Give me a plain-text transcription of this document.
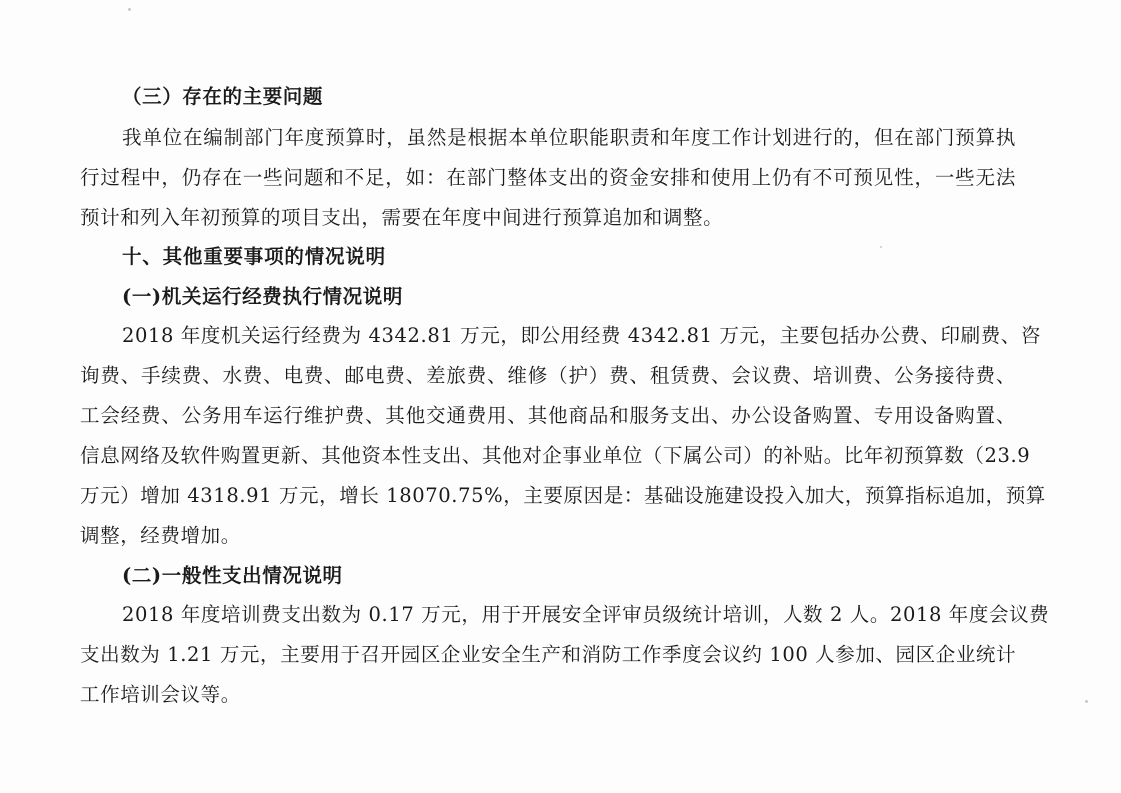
（三）存在的主要问题
我单位在编制部门年度预算时，虽然是根据本单位职能职责和年度工作计划进行的，但在部门预算执
行过程中，仍存在一些问题和不足，如：在部门整体支出的资金安排和使用上仍有不可预见性，一些无法
预计和列入年初预算的项目支出，需要在年度中间进行预算追加和调整。
十、其他重要事项的情况说明
(一)机关运行经费执行情况说明
2018 年度机关运行经费为 4342.81 万元，即公用经费 4342.81 万元，主要包括办公费、印刷费、咨
询费、手续费、水费、电费、邮电费、差旅费、维修（护）费、租赁费、会议费、培训费、公务接待费、
工会经费、公务用车运行维护费、其他交通费用、其他商品和服务支出、办公设备购置、专用设备购置、
信息网络及软件购置更新、其他资本性支出、其他对企事业单位（下属公司）的补贴。比年初预算数（23.9
万元）增加 4318.91 万元，增长 18070.75%，主要原因是：基础设施建设投入加大，预算指标追加，预算
调整，经费增加。
(二)一般性支出情况说明
2018 年度培训费支出数为 0.17 万元，用于开展安全评审员级统计培训，人数 2 人。2018 年度会议费
支出数为 1.21 万元，主要用于召开园区企业安全生产和消防工作季度会议约 100 人参加、园区企业统计
工作培训会议等。
